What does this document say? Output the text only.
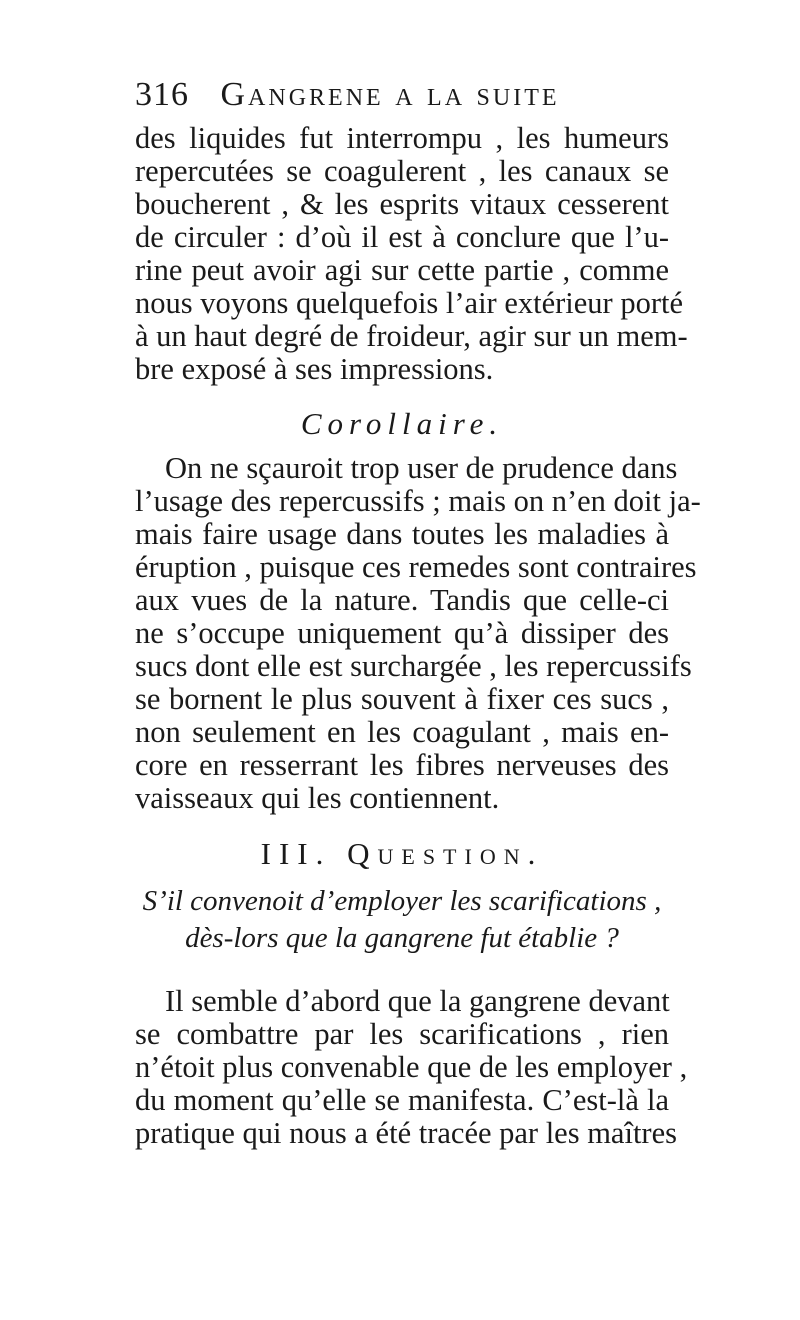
316 Gangrene a la suite
des liquides fut interrompu , les humeurs
repercutées se coagulerent , les canaux se
boucherent , & les esprits vitaux cesserent
de circuler : d’où il est à conclure que l’u-
rine peut avoir agi sur cette partie , comme
nous voyons quelquefois l’air extérieur porté
à un haut degré de froideur, agir sur un mem-
bre exposé à ses impressions.
Corollaire.
On ne sçauroit trop user de prudence dans
l’usage des repercussifs ; mais on n’en doit ja-
mais faire usage dans toutes les maladies à
éruption , puisque ces remedes sont contraires
aux vues de la nature. Tandis que celle-ci
ne s’occupe uniquement qu’à dissiper des
sucs dont elle est surchargée , les repercussifs
se bornent le plus souvent à fixer ces sucs ,
non seulement en les coagulant , mais en-
core en resserrant les fibres nerveuses des
vaisseaux qui les contiennent.
III. Question.
S’il convenoit d’employer les scarifications ,
dès-lors que la gangrene fut établie ?
Il semble d’abord que la gangrene devant
se combattre par les scarifications , rien
n’étoit plus convenable que de les employer ,
du moment qu’elle se manifesta. C’est-là la
pratique qui nous a été tracée par les maîtres
